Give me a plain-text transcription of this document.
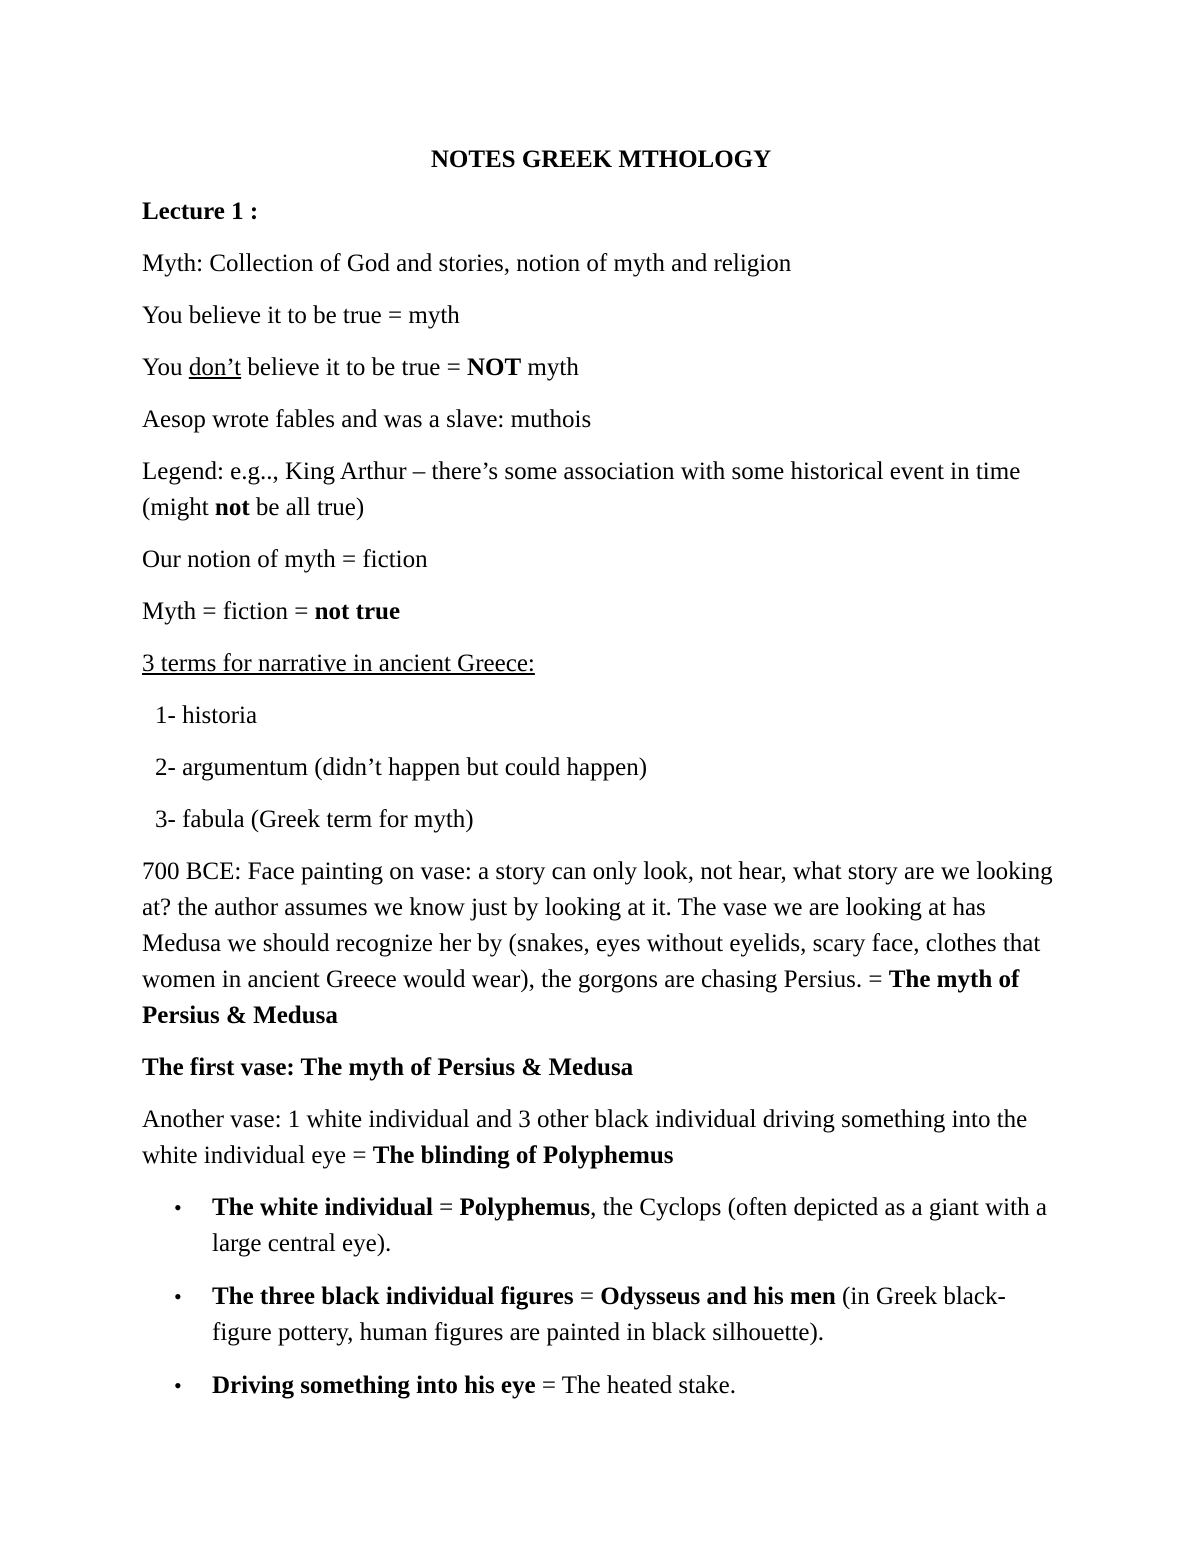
NOTES GREEK MTHOLOGY

Lecture 1 :

Myth: Collection of God and stories, notion of myth and religion

You believe it to be true = myth

You don’t believe it to be true = NOT myth

Aesop wrote fables and was a slave: muthois

Legend: e.g.., King Arthur – there’s some association with some historical event in time (might not be all true)

Our notion of myth = fiction

Myth = fiction = not true

3 terms for narrative in ancient Greece:

1- historia

2- argumentum (didn’t happen but could happen)

3- fabula (Greek term for myth)

700 BCE: Face painting on vase: a story can only look, not hear, what story are we looking at? the author assumes we know just by looking at it. The vase we are looking at has Medusa we should recognize her by (snakes, eyes without eyelids, scary face, clothes that women in ancient Greece would wear), the gorgons are chasing Persius. = The myth of Persius & Medusa

The first vase: The myth of Persius & Medusa

Another vase: 1 white individual and 3 other black individual driving something into the white individual eye = The blinding of Polyphemus

• The white individual = Polyphemus, the Cyclops (often depicted as a giant with a large central eye).
• The three black individual figures = Odysseus and his men (in Greek black-figure pottery, human figures are painted in black silhouette).
• Driving something into his eye = The heated stake.
